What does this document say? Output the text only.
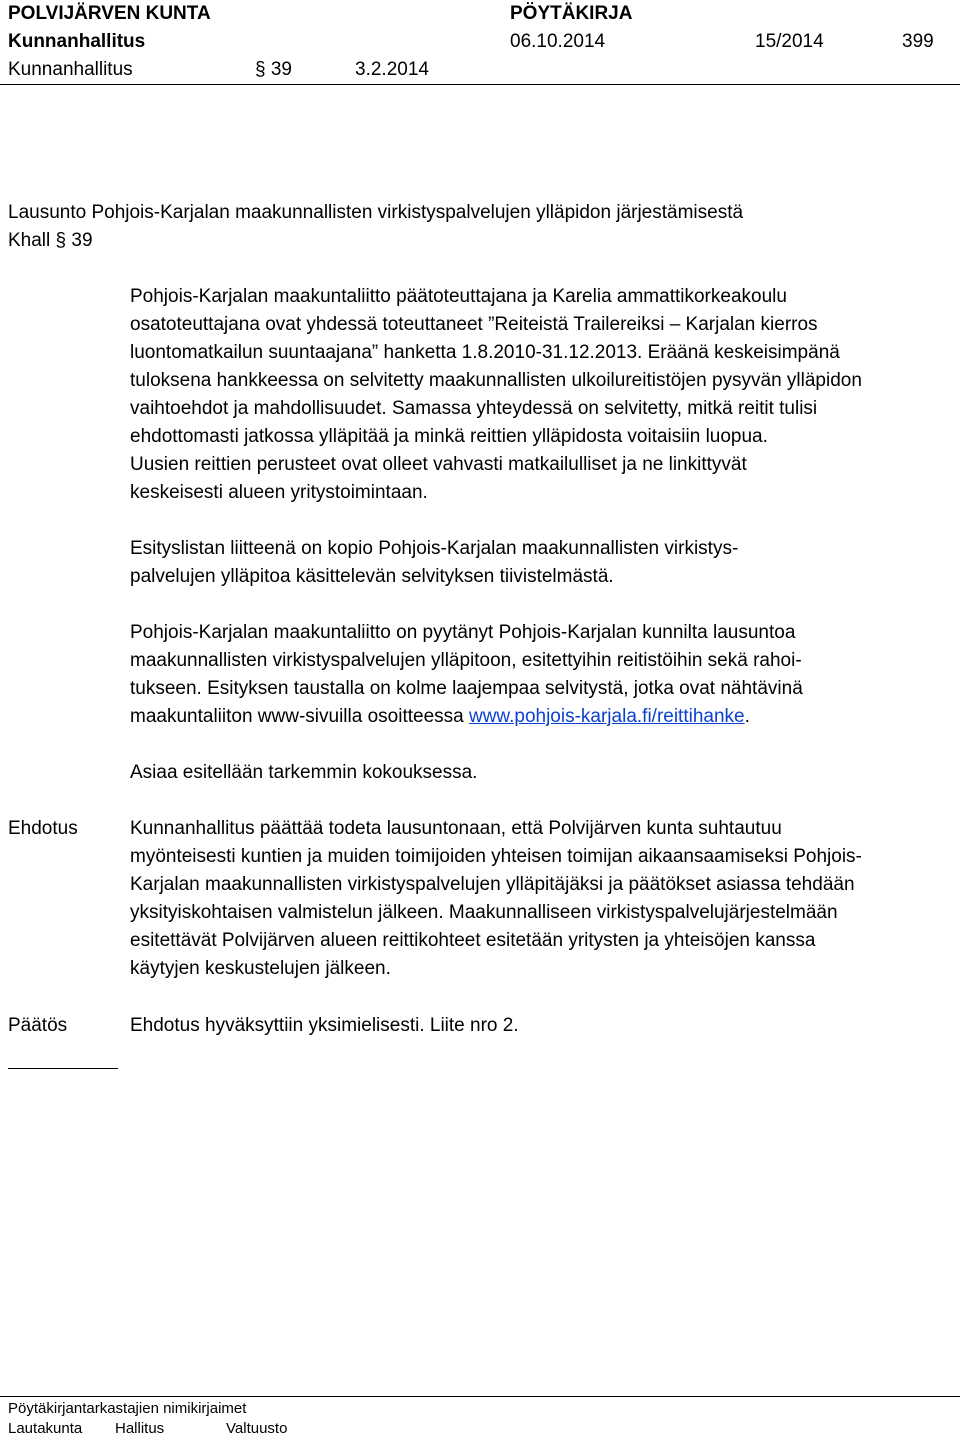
POLVIJÄRVEN KUNTA	PÖYTÄKIRJA
Kunnanhallitus	06.10.2014	15/2014	399
Kunnanhallitus	§ 39	3.2.2014
Lausunto Pohjois-Karjalan maakunnallisten virkistyspalvelujen ylläpidon järjestämisestä
Khall § 39
Pohjois-Karjalan maakuntaliitto päätoteuttajana ja Karelia ammattikorkeakoulu
osatoteuttajana ovat yhdessä toteuttaneet ”Reiteistä Trailereiksi – Karjalan kierros
luontomatkailun suuntaajana” hanketta 1.8.2010-31.12.2013. Eräänä keskeisimpänä
tuloksena hankkeessa on selvitetty maakunnallisten ulkoilureitistöjen pysyvän ylläpidon
vaihtoehdot ja mahdollisuudet. Samassa yhteydessä on selvitetty, mitkä reitit tulisi
ehdottomasti jatkossa ylläpitää ja minkä reittien ylläpidosta voitaisiin luopua.
Uusien reittien perusteet ovat olleet vahvasti matkailulliset ja ne linkittyvät
keskeisesti alueen yritystoimintaan.
Esityslistan liitteenä on kopio Pohjois-Karjalan maakunnallisten virkistys-
palvelujen ylläpitoa käsittelevän selvityksen tiivistelmästä.
Pohjois-Karjalan maakuntaliitto on pyytänyt Pohjois-Karjalan kunnilta lausuntoa
maakunnallisten virkistyspalvelujen ylläpitoon, esitettyihin reitistöihin sekä rahoi-
tukseen. Esityksen taustalla on kolme laajempaa selvitystä, jotka ovat nähtävinä
maakuntaliiton www-sivuilla osoitteessa www.pohjois-karjala.fi/reittihanke.
Asiaa esitellään tarkemmin kokouksessa.
Ehdotus	Kunnanhallitus päättää todeta lausuntonaan, että Polvijärven kunta suhtautuu
myönteisesti kuntien ja muiden toimijoiden yhteisen toimijan aikaansaamiseksi Pohjois-
Karjalan maakunnallisten virkistyspalvelujen ylläpitäjäksi ja päätökset asiassa tehdään
yksityiskohtaisen valmistelun jälkeen. Maakunnalliseen virkistyspalvelujärjestelmään
esitettävät Polvijärven alueen reittikohteet esitetään yritysten ja yhteisöjen kanssa
käytyjen keskustelujen jälkeen.
Päätös	Ehdotus hyväksyttiin yksimielisesti. Liite nro 2.
Pöytäkirjantarkastajien nimikirjaimet
Lautakunta Hallitus	Valtuusto
